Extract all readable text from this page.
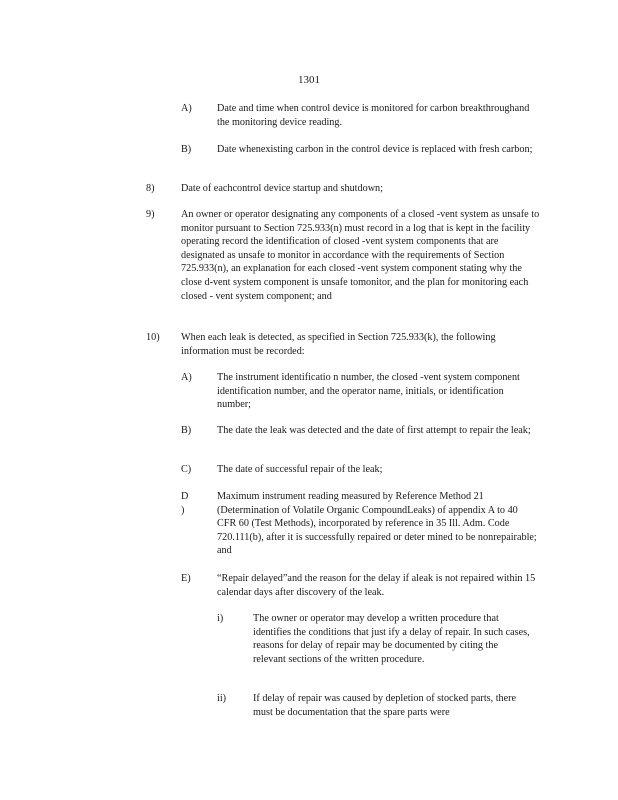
1301
A) Date and time when control device is monitored for carbon breakthroughand the monitoring device reading.
B)	Date whenexisting carbon in the control device is replaced with fresh carbon;
8)	Date of eachcontrol device startup and shutdown;
9)	An owner or operator designating any components of a closed -vent system as unsafe to monitor pursuant to Section 725.933(n) must record in a log that is kept in the facility operating record the identification of closed -vent system components that are designated as unsafe to monitor in accordance with the requirements of Section 725.933(n), an explanation for each closed -vent system component stating why the close d-vent system component is unsafe tomonitor, and the plan for monitoring each closed - vent system component; and
10) When each leak is detected, as specified in Section 725.933(k), the following information must be recorded:
A) The instrument identificatio n number, the closed -vent system component identification number, and the operator name, initials, or identification number;
B)	The date the leak was detected and the date of first attempt to repair the leak;
C)	The date of successful repair of the leak;
D )
Maximum instrument reading measured by Reference Method 21 (Determination of Volatile Organic CompoundLeaks) of appendix A to 40 CFR 60 (Test Methods), incorporated by reference in 35 Ill. Adm. Code 720.111(b), after it is successfully repaired or deter mined to be nonrepairable; and
E)	“Repair delayed”and the reason for the delay if aleak is not repaired within 15 calendar days after discovery of the leak.
i)	The owner or operator may develop a written procedure that identifies the conditions that just ify a delay of repair. In such cases, reasons for delay of repair may be documented by citing the relevant sections of the written procedure.
ii)	If delay of repair was caused by depletion of stocked parts, there must be documentation that the spare parts were
